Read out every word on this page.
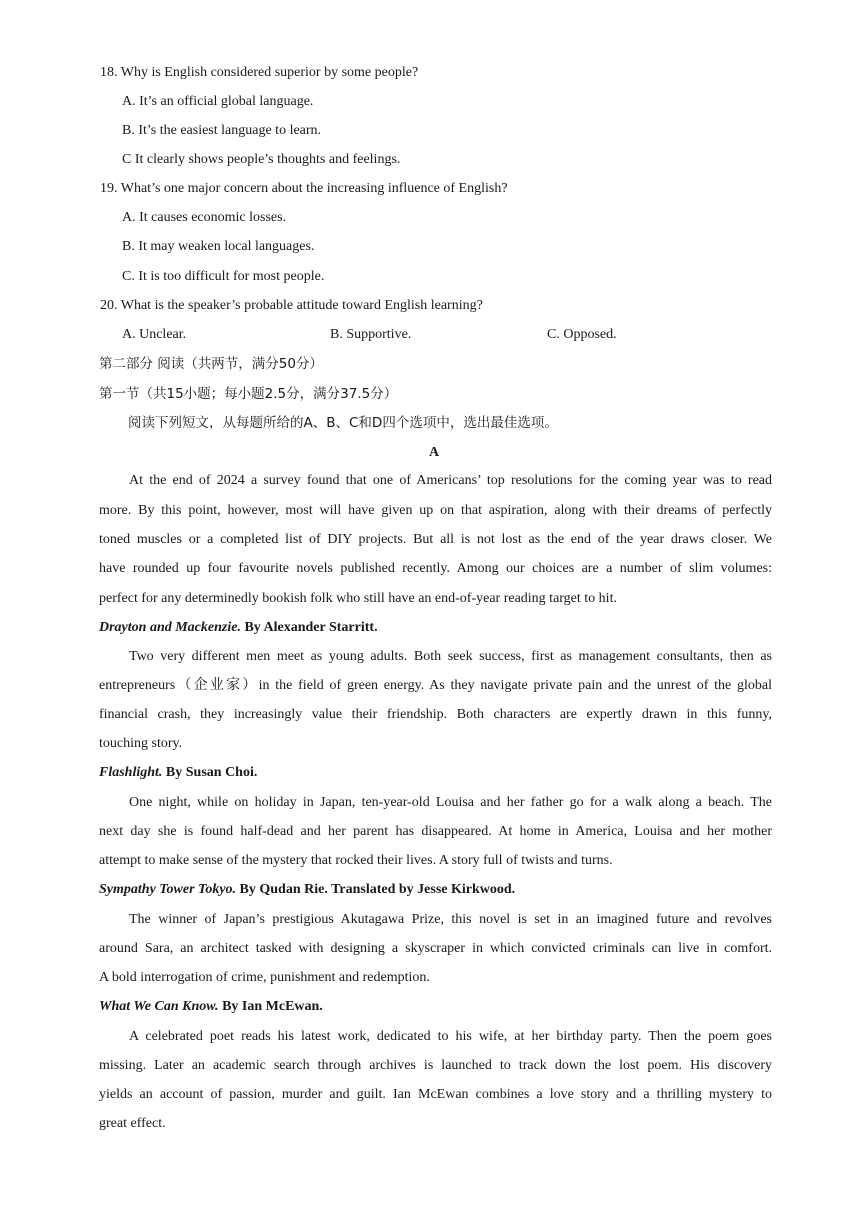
18. Why is English considered superior by some people?
A. It’s an official global language.
B. It’s the easiest language to learn.
C It clearly shows people’s thoughts and feelings.
19. What’s one major concern about the increasing influence of English?
A. It causes economic losses.
B. It may weaken local languages.
C. It is too difficult for most people.
20. What is the speaker’s probable attitude toward English learning?
A. Unclear.	B. Supportive.	C. Opposed.
第二部分 阅读（共两节，满分50分）
第一节（共15小题；每小题2.5分，满分37.5分）
阅读下列短文，从每题所给的A、B、C和D四个选项中，选出最佳选项。
A
At the end of 2024 a survey found that one of Americans’ top resolutions for the coming year was to read
more. By this point, however, most will have given up on that aspiration, along with their dreams of perfectly
toned muscles or a completed list of DIY projects. But all is not lost as the end of the year draws closer. We
have rounded up four favourite novels published recently. Among our choices are a number of slim volumes:
perfect for any determinedly bookish folk who still have an end-of-year reading target to hit.
Drayton and Mackenzie. By Alexander Starritt.
Two very different men meet as young adults. Both seek success, first as management consultants, then as
entrepreneurs（企业家）in the field of green energy. As they navigate private pain and the unrest of the global
financial crash, they increasingly value their friendship. Both characters are expertly drawn in this funny,
touching story.
Flashlight. By Susan Choi.
One night, while on holiday in Japan, ten-year-old Louisa and her father go for a walk along a beach. The
next day she is found half-dead and her parent has disappeared. At home in America, Louisa and her mother
attempt to make sense of the mystery that rocked their lives. A story full of twists and turns.
Sympathy Tower Tokyo. By Qudan Rie. Translated by Jesse Kirkwood.
The winner of Japan’s prestigious Akutagawa Prize, this novel is set in an imagined future and revolves
around Sara, an architect tasked with designing a skyscraper in which convicted criminals can live in comfort.
A bold interrogation of crime, punishment and redemption.
What We Can Know. By Ian McEwan.
A celebrated poet reads his latest work, dedicated to his wife, at her birthday party. Then the poem goes
missing. Later an academic search through archives is launched to track down the lost poem. His discovery
yields an account of passion, murder and guilt. Ian McEwan combines a love story and a thrilling mystery to
great effect.
